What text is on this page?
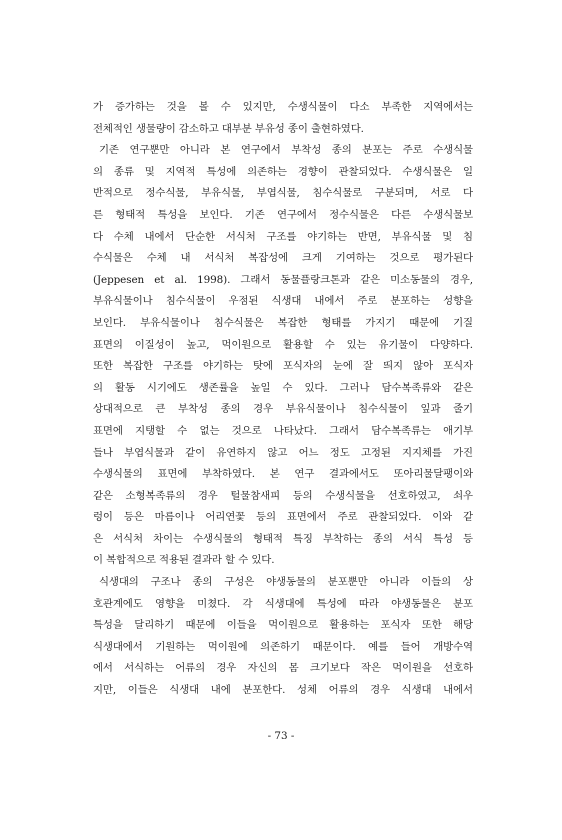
가 증가하는 것을 볼 수 있지만, 수생식물이 다소 부족한 지역에서는
전체적인 생물량이 감소하고 대부분 부유성 종이 출현하였다.
기존 연구뿐만 아니라 본 연구에서 부착성 종의 분포는 주로 수생식물
의 종류 및 지역적 특성에 의존하는 경향이 관찰되었다. 수생식물은 일
반적으로 정수식물, 부유식물, 부엽식물, 침수식물로 구분되며, 서로 다
른 형태적 특성을 보인다. 기존 연구에서 정수식물은 다른 수생식물보
다 수체 내에서 단순한 서식처 구조를 야기하는 반면, 부유식물 및 침
수식물은 수체 내 서식처 복잡성에 크게 기여하는 것으로 평가된다
(Jeppesen et al. 1998). 그래서 동물플랑크톤과 같은 미소동물의 경우,
부유식물이나 침수식물이 우점된 식생대 내에서 주로 분포하는 성향을
보인다. 부유식물이나 침수식물은 복잡한 형태를 가지기 때문에 기질
표면의 이질성이 높고, 먹이원으로 활용할 수 있는 유기물이 다양하다.
또한 복잡한 구조를 야기하는 탓에 포식자의 눈에 잘 띄지 않아 포식자
의 활동 시기에도 생존률을 높일 수 있다. 그러나 담수복족류와 같은
상대적으로 큰 부착성 종의 경우 부유식물이나 침수식물이 잎과 줄기
표면에 지탱할 수 없는 것으로 나타났다. 그래서 담수복족류는 애기부
들나 부엽식물과 같이 유연하지 않고 어느 정도 고정된 지지체를 가진
수생식물의 표면에 부착하였다. 본 연구 결과에서도 또아리물달팽이와
같은 소형복족류의 경우 털물참새피 등의 수생식물을 선호하였고, 쇠우
렁이 등은 마름이나 어리연꽃 등의 표면에서 주로 관찰되었다. 이와 같
은 서식처 차이는 수생식물의 형태적 특징 부착하는 종의 서식 특성 등
이 복합적으로 적용된 결과라 할 수 있다.
식생대의 구조나 종의 구성은 야생동물의 분포뿐만 아니라 이들의 상
호관계에도 영향을 미쳤다. 각 식생대에 특성에 따라 야생동물은 분포
특성을 달리하기 때문에 이들을 먹이원으로 활용하는 포식자 또한 해당
식생대에서 기원하는 먹이원에 의존하기 때문이다. 예를 들어 개방수역
에서 서식하는 어류의 경우 자신의 몸 크기보다 작은 먹이원을 선호하
지만, 이들은 식생대 내에 분포한다. 성체 어류의 경우 식생대 내에서
- 73 -
